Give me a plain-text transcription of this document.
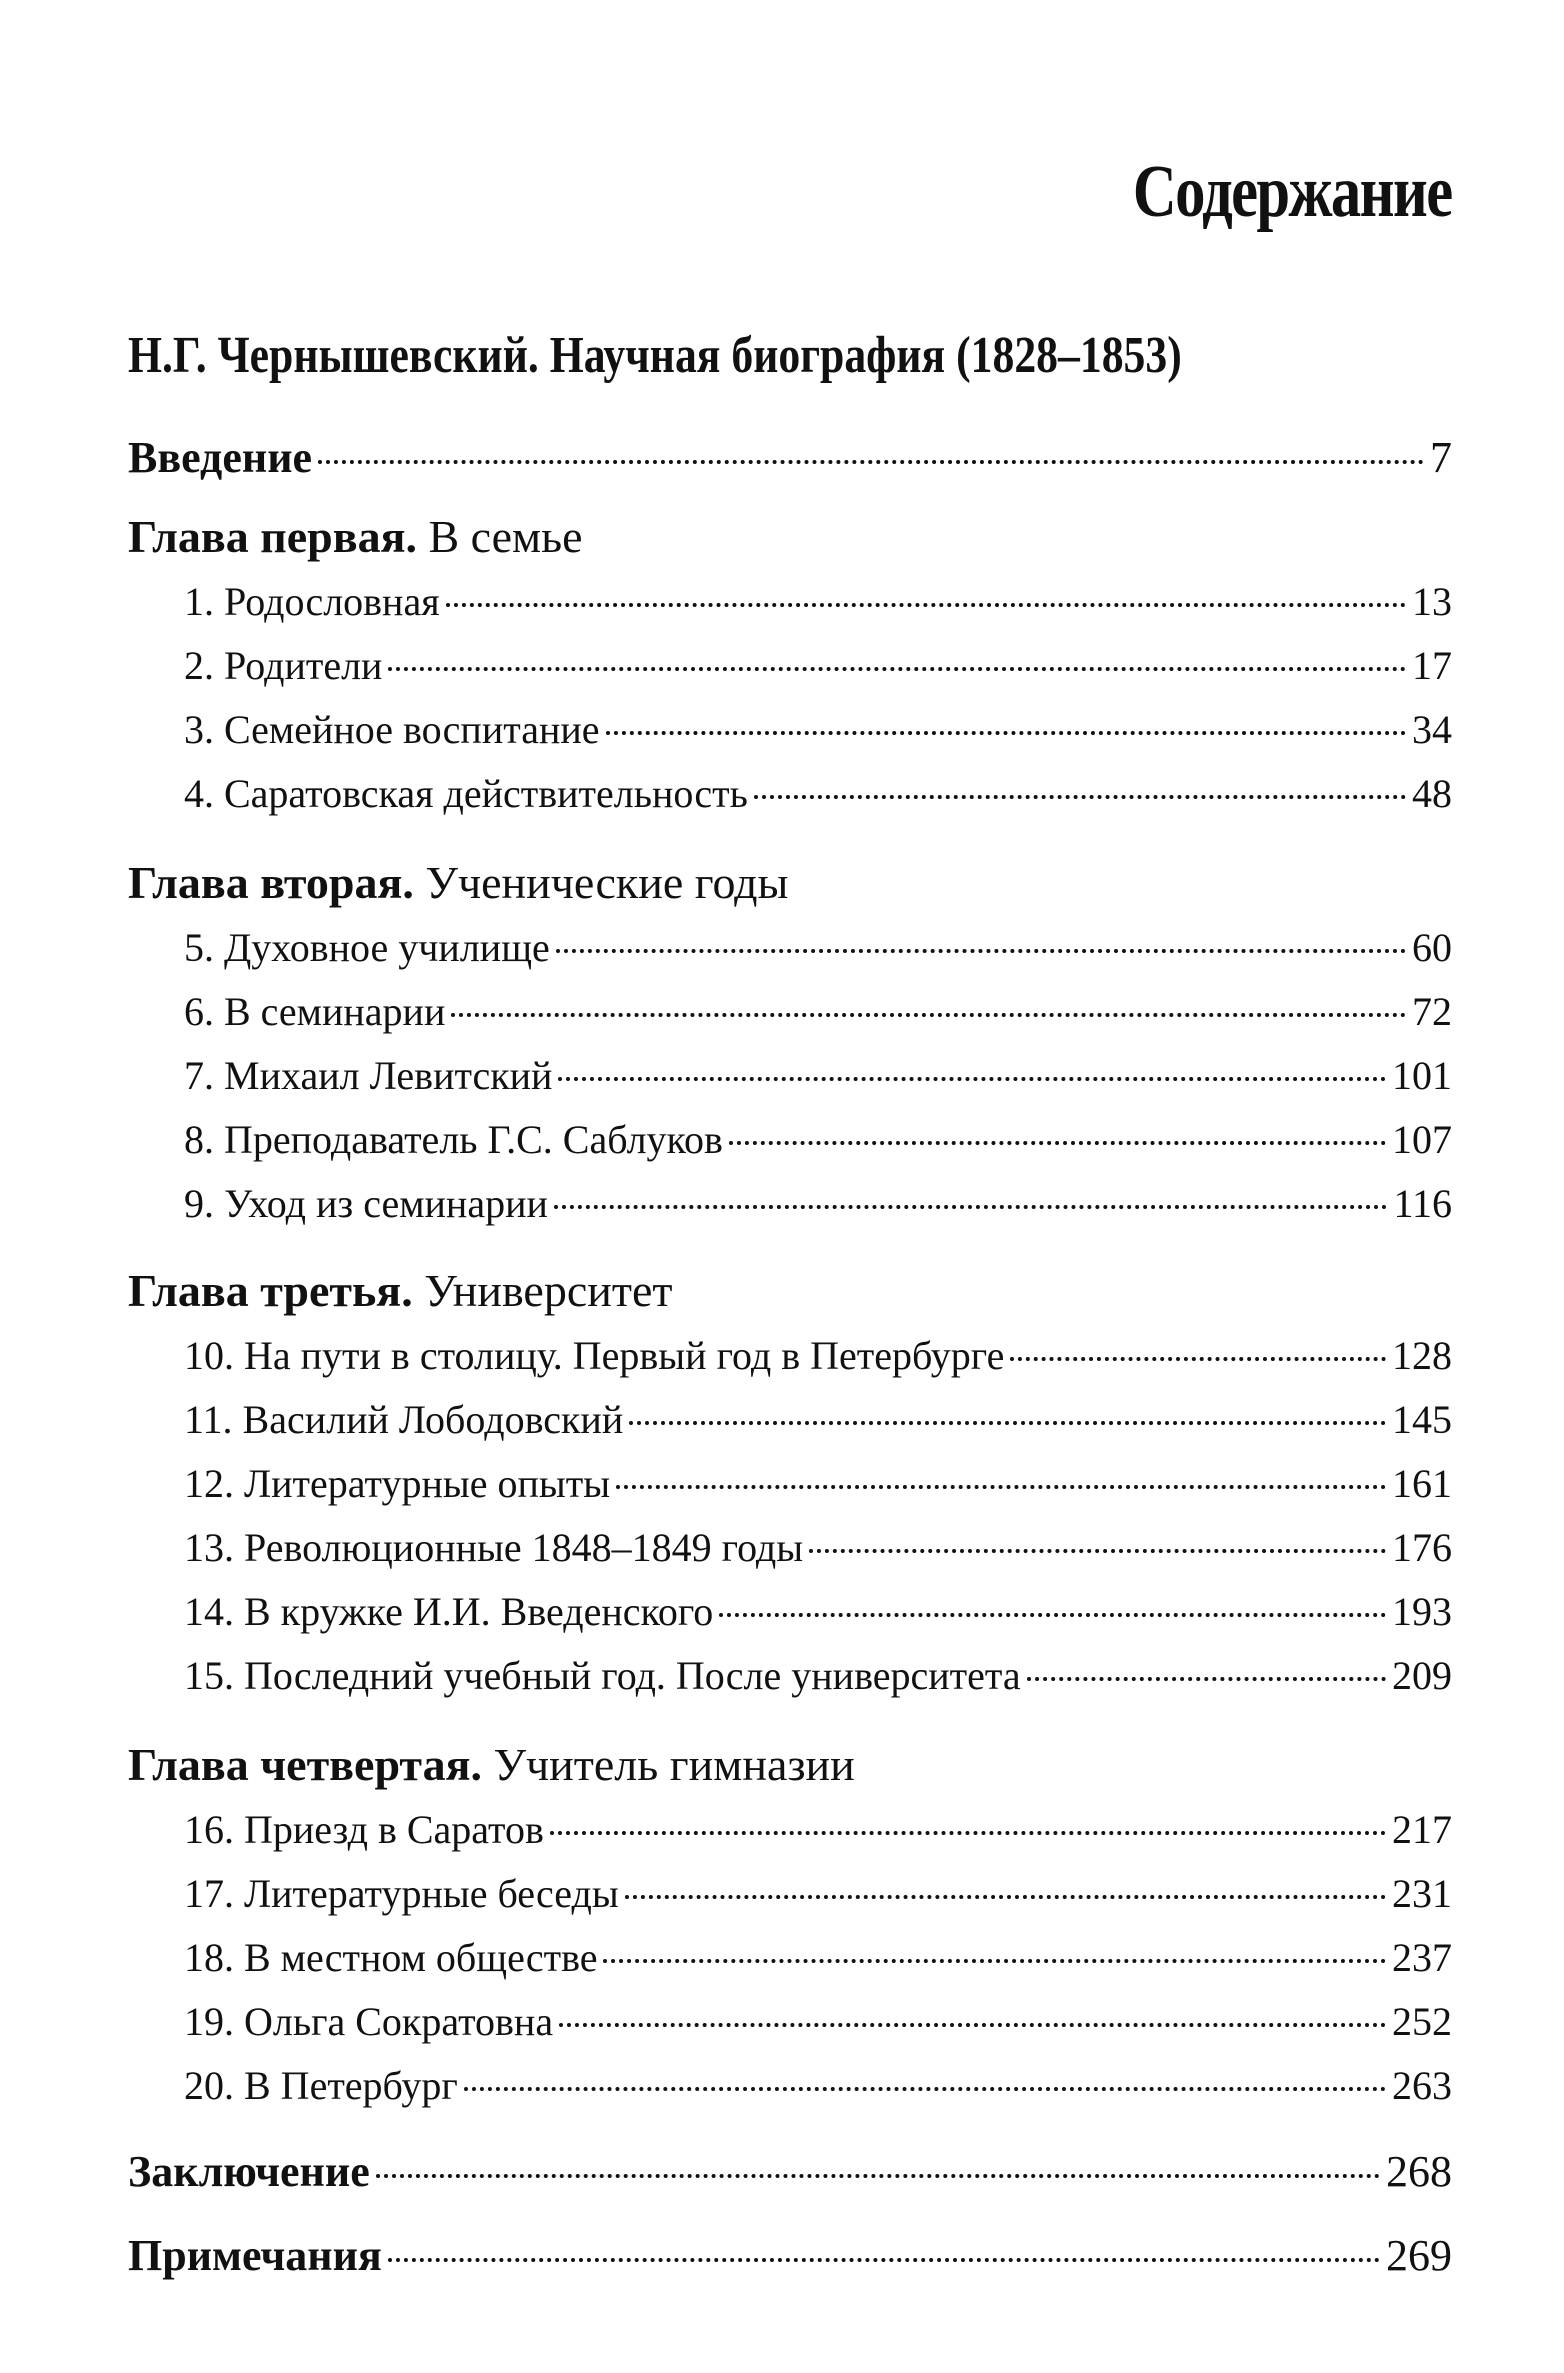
Содержание
Н.Г. Чернышевский. Научная биография (1828–1853)
Введение	7
Глава первая. В семье
1. Родословная	13
2. Родители	17
3. Семейное воспитание	34
4. Саратовская действительность	48
Глава вторая. Ученические годы
5. Духовное училище	60
6. В семинарии	72
7. Михаил Левитский	101
8. Преподаватель Г.С. Саблуков	107
9. Уход из семинарии	116
Глава третья. Университет
10. На пути в столицу. Первый год в Петербурге	128
11. Василий Лободовский	145
12. Литературные опыты	161
13. Революционные 1848–1849 годы	176
14. В кружке И.И. Введенского	193
15. Последний учебный год. После университета	209
Глава четвертая. Учитель гимназии
16. Приезд в Саратов	217
17. Литературные беседы	231
18. В местном обществе	237
19. Ольга Сократовна	252
20. В Петербург	263
Заключение	268
Примечания	269
